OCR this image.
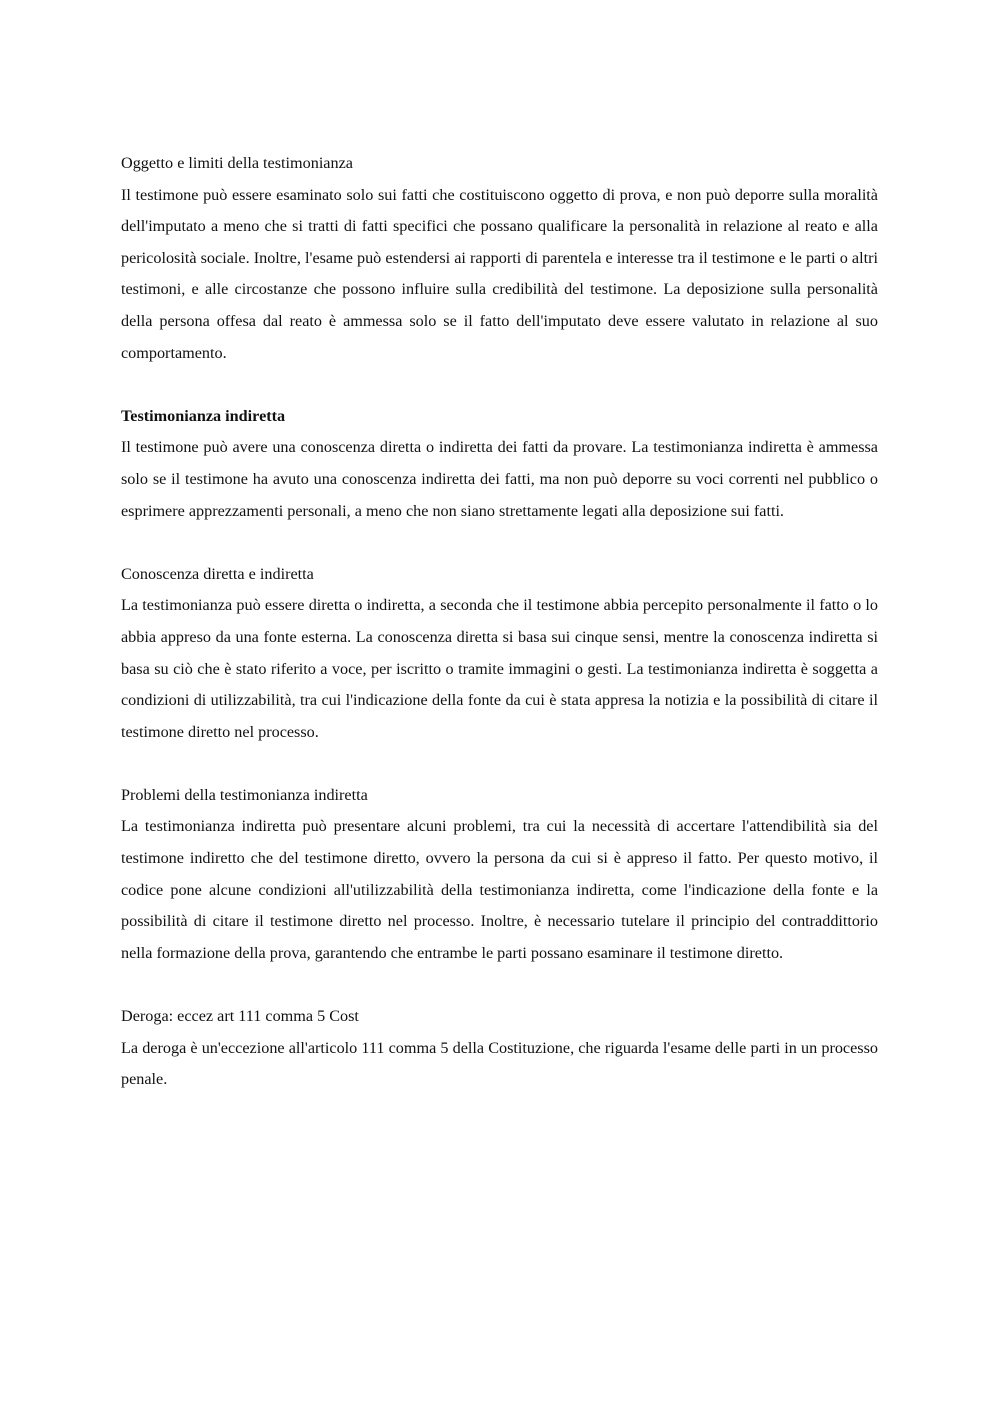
Oggetto e limiti della testimonianza

Il testimone può essere esaminato solo sui fatti che costituiscono oggetto di prova, e non può deporre sulla moralità dell'imputato a meno che si tratti di fatti specifici che possano qualificare la personalità in relazione al reato e alla pericolosità sociale. Inoltre, l'esame può estendersi ai rapporti di parentela e interesse tra il testimone e le parti o altri testimoni, e alle circostanze che possono influire sulla credibilità del testimone. La deposizione sulla personalità della persona offesa dal reato è ammessa solo se il fatto dell'imputato deve essere valutato in relazione al suo comportamento.

Testimonianza indiretta

Il testimone può avere una conoscenza diretta o indiretta dei fatti da provare. La testimonianza indiretta è ammessa solo se il testimone ha avuto una conoscenza indiretta dei fatti, ma non può deporre su voci correnti nel pubblico o esprimere apprezzamenti personali, a meno che non siano strettamente legati alla deposizione sui fatti.

Conoscenza diretta e indiretta

La testimonianza può essere diretta o indiretta, a seconda che il testimone abbia percepito personalmente il fatto o lo abbia appreso da una fonte esterna. La conoscenza diretta si basa sui cinque sensi, mentre la conoscenza indiretta si basa su ciò che è stato riferito a voce, per iscritto o tramite immagini o gesti. La testimonianza indiretta è soggetta a condizioni di utilizzabilità, tra cui l'indicazione della fonte da cui è stata appresa la notizia e la possibilità di citare il testimone diretto nel processo.

Problemi della testimonianza indiretta

La testimonianza indiretta può presentare alcuni problemi, tra cui la necessità di accertare l'attendibilità sia del testimone indiretto che del testimone diretto, ovvero la persona da cui si è appreso il fatto. Per questo motivo, il codice pone alcune condizioni all'utilizzabilità della testimonianza indiretta, come l'indicazione della fonte e la possibilità di citare il testimone diretto nel processo. Inoltre, è necessario tutelare il principio del contraddittorio nella formazione della prova, garantendo che entrambe le parti possano esaminare il testimone diretto.

Deroga: eccez art 111 comma 5 Cost

La deroga è un'eccezione all'articolo 111 comma 5 della Costituzione, che riguarda l'esame delle parti in un processo penale.
